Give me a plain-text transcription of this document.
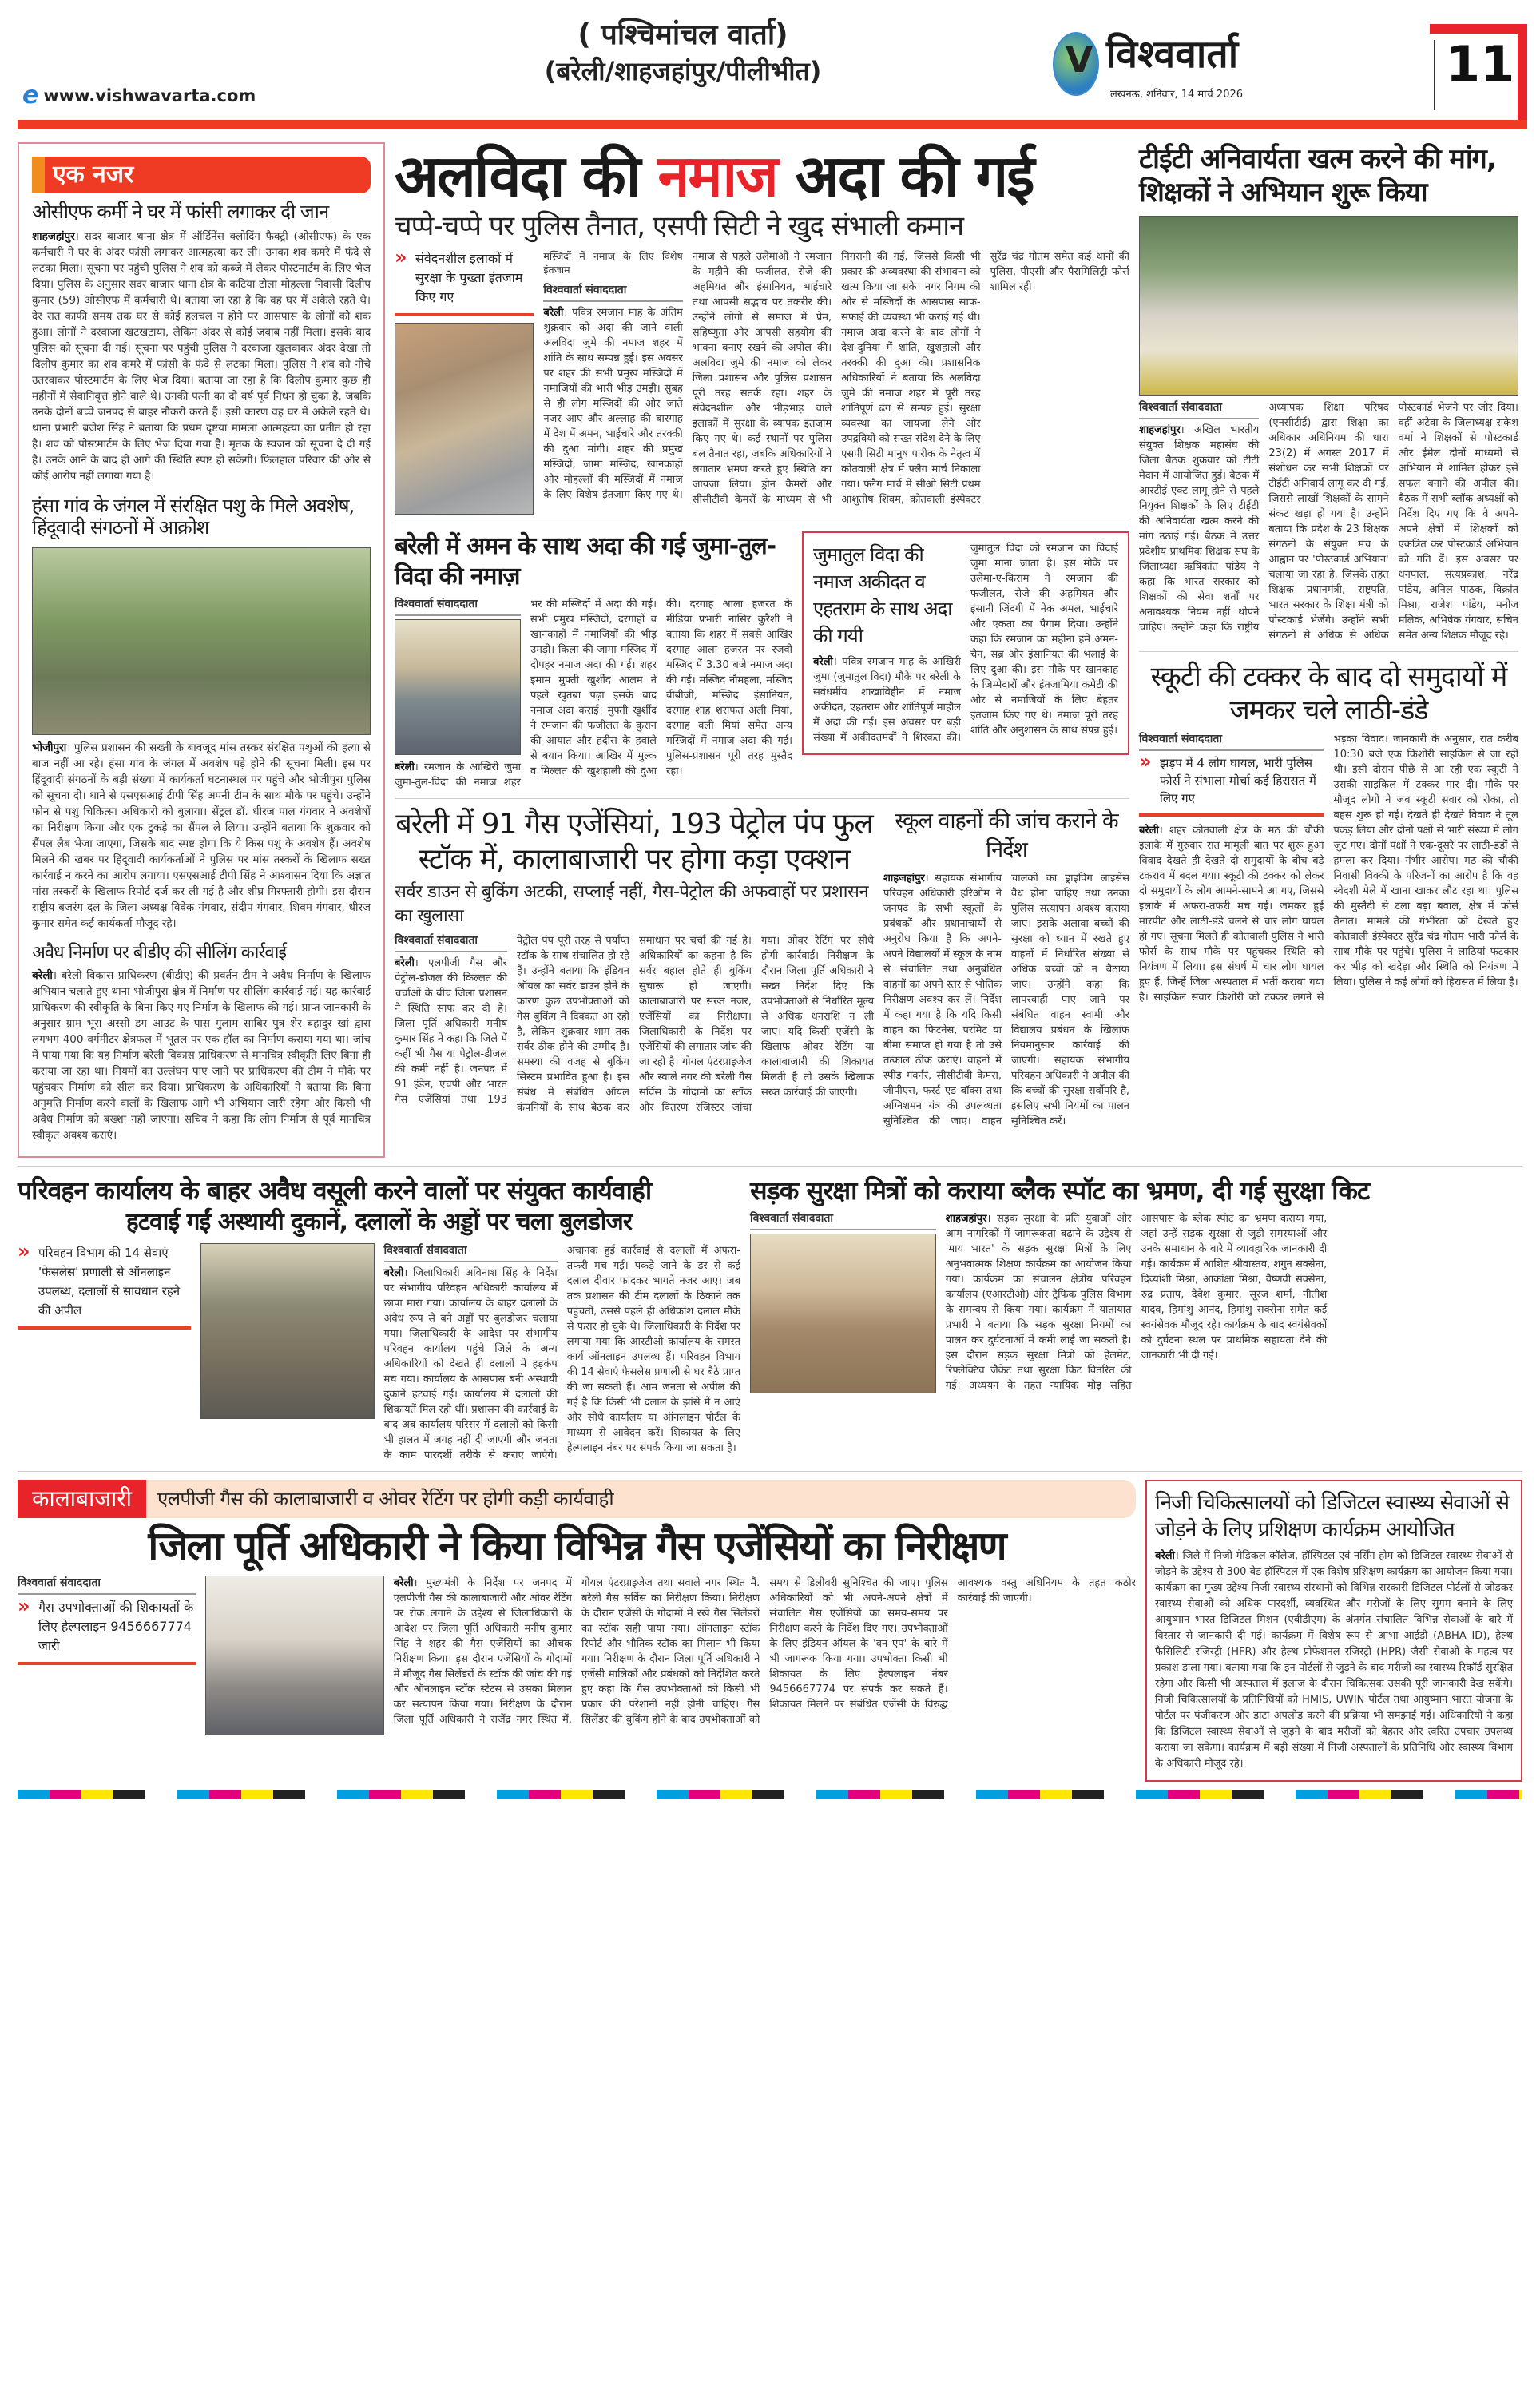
e www.vishwavarta.com
( पश्चिमांचल वार्ता)
(बरेली/शाहजहांपुर/पीलीभीत)	V विश्ववार्ता
लखनऊ, शनिवार, 14 मार्च 2026
11
एक नजर
ओसीएफ कर्मी ने घर में फांसी लगाकर दी जान
शाहजहांपुर। सदर बाजार थाना क्षेत्र में ऑर्डिनेंस क्लोदिंग फैक्ट्री (ओसीएफ) के एक कर्मचारी ने घर के अंदर फांसी लगाकर आत्महत्या कर ली। उनका शव कमरे में फंदे से लटका मिला। सूचना पर पहुंची पुलिस ने शव को कब्जे में लेकर पोस्टमार्टम के लिए भेज दिया। पुलिस के अनुसार सदर बाजार थाना क्षेत्र के कटिया टोला मोहल्ला निवासी दिलीप कुमार (59) ओसीएफ में कर्मचारी थे। बताया जा रहा है कि वह घर में अकेले रहते थे। देर रात काफी समय तक घर से कोई हलचल न होने पर आसपास के लोगों को शक हुआ। लोगों ने दरवाजा खटखटाया, लेकिन अंदर से कोई जवाब नहीं मिला। इसके बाद पुलिस को सूचना दी गई। सूचना पर पहुंची पुलिस ने दरवाजा खुलवाकर अंदर देखा तो दिलीप कुमार का शव कमरे में फांसी के फंदे से लटका मिला। पुलिस ने शव को नीचे उतरवाकर पोस्टमार्टम के लिए भेज दिया। बताया जा रहा है कि दिलीप कुमार कुछ ही महीनों में सेवानिवृत्त होने वाले थे। उनकी पत्नी का दो वर्ष पूर्व निधन हो चुका है, जबकि उनके दोनों बच्चे जनपद से बाहर नौकरी करते हैं। इसी कारण वह घर में अकेले रहते थे। थाना प्रभारी ब्रजेश सिंह ने बताया कि प्रथम दृष्टया मामला आत्महत्या का प्रतीत हो रहा है। शव को पोस्टमार्टम के लिए भेज दिया गया है। मृतक के स्वजन को सूचना दे दी गई है। उनके आने के बाद ही आगे की स्थिति स्पष्ट हो सकेगी। फिलहाल परिवार की ओर से कोई आरोप नहीं लगाया गया है।
हंसा गांव के जंगल में संरक्षित पशु के मिले अवशेष, हिंदूवादी संगठनों में आक्रोश
भोजीपुरा। पुलिस प्रशासन की सख्ती के बावजूद मांस तस्कर संरक्षित पशुओं की हत्या से बाज नहीं आ रहे। हंसा गांव के जंगल में अवशेष पड़े होने की सूचना मिली। इस पर हिंदूवादी संगठनों के बड़ी संख्या में कार्यकर्ता घटनास्थल पर पहुंचे और भोजीपुरा पुलिस को सूचना दी। थाने से एसएसआई टीपी सिंह अपनी टीम के साथ मौके पर पहुंचे। उन्होंने फोन से पशु चिकित्सा अधिकारी को बुलाया। सेंट्रल डॉ. धीरज पाल गंगवार ने अवशेषों का निरीक्षण किया और एक टुकड़े का सैंपल ले लिया। उन्होंने बताया कि शुक्रवार को सैंपल लैब भेजा जाएगा, जिसके बाद स्पष्ट होगा कि ये किस पशु के अवशेष हैं। अवशेष मिलने की खबर पर हिंदूवादी कार्यकर्ताओं ने पुलिस पर मांस तस्करों के खिलाफ सख्त कार्रवाई न करने का आरोप लगाया। एसएसआई टीपी सिंह ने आश्वासन दिया कि अज्ञात मांस तस्करों के खिलाफ रिपोर्ट दर्ज कर ली गई है और शीघ्र गिरफ्तारी होगी। इस दौरान राष्ट्रीय बजरंग दल के जिला अध्यक्ष विवेक गंगवार, संदीप गंगवार, शिवम गंगवार, धीरज कुमार समेत कई कार्यकर्ता मौजूद रहे।
अवैध निर्माण पर बीडीए की सीलिंग कार्रवाई
बरेली। बरेली विकास प्राधिकरण (बीडीए) की प्रवर्तन टीम ने अवैध निर्माण के खिलाफ अभियान चलाते हुए थाना भोजीपुरा क्षेत्र में निर्माण पर सीलिंग कार्रवाई गई। यह कार्रवाई प्राधिकरण की स्वीकृति के बिना किए गए निर्माण के खिलाफ की गई। प्राप्त जानकारी के अनुसार ग्राम भूरा अस्सी डग आउट के पास गुलाम साबिर पुत्र शेर बहादुर खां द्वारा लगभग 400 वर्गमीटर क्षेत्रफल में भूतल पर एक हॉल का निर्माण कराया गया था। जांच में पाया गया कि यह निर्माण बरेली विकास प्राधिकरण से मानचित्र स्वीकृति लिए बिना ही कराया जा रहा था। नियमों का उल्लंघन पाए जाने पर प्राधिकरण की टीम ने मौके पर पहुंचकर निर्माण को सील कर दिया। प्राधिकरण के अधिकारियों ने बताया कि बिना अनुमति निर्माण करने वालों के खिलाफ आगे भी अभियान जारी रहेगा और किसी भी अवैध निर्माण को बख्शा नहीं जाएगा। सचिव ने कहा कि लोग निर्माण से पूर्व मानचित्र स्वीकृत अवश्य कराएं।
अलविदा की नमाज अदा की गई
चप्पे-चप्पे पर पुलिस तैनात, एसपी सिटी ने खुद संभाली कमान
» संवेदनशील इलाकों में सुरक्षा के पुख्ता इंतजाम किए गए
मस्जिदों में नमाज के लिए विशेष इंतजाम
विश्ववार्ता संवाददाता
बरेली। पवित्र रमजान माह के अंतिम शुक्रवार को अदा की जाने वाली अलविदा जुमे की नमाज शहर में शांति के साथ सम्पन्न हुई। इस अवसर पर शहर की सभी प्रमुख मस्जिदों में नमाजियों की भारी भीड़ उमड़ी। सुबह से ही लोग मस्जिदों की ओर जाते नजर आए और अल्लाह की बारगाह में देश में अमन, भाईचारे और तरक्की की दुआ मांगी। शहर की प्रमुख मस्जिदों, जामा मस्जिद, खानकाहों और मोहल्लों की मस्जिदों में नमाज के लिए विशेष इंतजाम किए गए थे। नमाज से पहले उलेमाओं ने रमजान के महीने की फजीलत, रोजे की अहमियत और इंसानियत, भाईचारे तथा आपसी सद्भाव पर तकरीर की। उन्होंने लोगों से समाज में प्रेम, सहिष्णुता और आपसी सहयोग की भावना बनाए रखने की अपील की। अलविदा जुमे की नमाज को लेकर जिला प्रशासन और पुलिस प्रशासन पूरी तरह सतर्क रहा। शहर के संवेदनशील और भीड़भाड़ वाले इलाकों में सुरक्षा के व्यापक इंतजाम किए गए थे। कई स्थानों पर पुलिस बल तैनात रहा, जबकि अधिकारियों ने लगातार भ्रमण करते हुए स्थिति का जायजा लिया। ड्रोन कैमरों और सीसीटीवी कैमरों के माध्यम से भी निगरानी की गई, जिससे किसी भी प्रकार की अव्यवस्था की संभावना को खत्म किया जा सके। नगर निगम की ओर से मस्जिदों के आसपास साफ-सफाई की व्यवस्था भी कराई गई थी। नमाज अदा करने के बाद लोगों ने देश-दुनिया में शांति, खुशहाली और तरक्की की दुआ की। प्रशासनिक अधिकारियों ने बताया कि अलविदा जुमे की नमाज शहर में पूरी तरह शांतिपूर्ण ढंग से सम्पन्न हुई। सुरक्षा व्यवस्था का जायजा लेने और उपद्रवियों को सख्त संदेश देने के लिए एसपी सिटी मानुष पारीक के नेतृत्व में कोतवाली क्षेत्र में फ्लैग मार्च निकाला गया। फ्लैग मार्च में सीओ सिटी प्रथम आशुतोष शिवम, कोतवाली इंस्पेक्टर सुरेंद्र चंद्र गौतम समेत कई थानों की पुलिस, पीएसी और पैरामिलिट्री फोर्स शामिल रही।
बरेली में अमन के साथ अदा की गई जुमा-तुल-विदा की नमाज़
विश्ववार्ता संवाददाता
बरेली। रमजान के आखिरी जुमा जुमा-तुल-विदा की नमाज शहर भर की मस्जिदों में अदा की गई। सभी प्रमुख मस्जिदों, दरगाहों व खानकाहों में नमाजियों की भीड़ उमड़ी। किला की जामा मस्जिद में दोपहर नमाज अदा की गई। शहर इमाम मुफ्ती खुर्शीद आलम ने पहले खुतबा पढ़ा इसके बाद नमाज अदा कराई। मुफ्ती खुर्शीद ने रमजान की फजीलत के कुरान की आयात और हदीस के हवाले से बयान किया। आखिर में मुल्क व मिल्लत की खुशहाली की दुआ की। दरगाह आला हजरत के मीडिया प्रभारी नासिर कुरैशी ने बताया कि शहर में सबसे आखिर दरगाह आला हजरत पर रजवी मस्जिद में 3.30 बजे नमाज अदा की गई। मस्जिद नौमहला, मस्जिद बीबीजी, मस्जिद इंसानियत, दरगाह शाह शराफत अली मियां, दरगाह वली मियां समेत अन्य मस्जिदों में नमाज अदा की गई। पुलिस-प्रशासन पूरी तरह मुस्तैद रहा।
जुमातुल विदा की नमाज अकीदत व एहतराम के साथ अदा की गयी
बरेली। पवित्र रमजान माह के आखिरी जुमा (जुमातुल विदा) मौके पर बरेली के सर्वधर्मीय शाखाविहीन में नमाज अकीदत, एहतराम और शांतिपूर्ण माहौल में अदा की गई। इस अवसर पर बड़ी संख्या में अकीदतमंदों ने शिरकत की। जुमातुल विदा को रमजान का विदाई जुमा माना जाता है। इस मौके पर उलेमा-ए-किराम ने रमजान की फजीलत, रोजे की अहमियत और इंसानी जिंदगी में नेक अमल, भाईचारे और एकता का पैगाम दिया। उन्होंने कहा कि रमजान का महीना हमें अमन-चैन, सब्र और इंसानियत की भलाई के लिए दुआ की। इस मौके पर खानकाह के जिम्मेदारों और इंतजामिया कमेटी की ओर से नमाजियों के लिए बेहतर इंतजाम किए गए थे। नमाज पूरी तरह शांति और अनुशासन के साथ संपन्न हुई।
बरेली में 91 गैस एजेंसियां, 193 पेट्रोल पंप फुल स्टॉक में, कालाबाजारी पर होगा कड़ा एक्शन
सर्वर डाउन से बुकिंग अटकी, सप्लाई नहीं, गैस-पेट्रोल की अफवाहों पर प्रशासन का खुलासा
विश्ववार्ता संवाददाता
बरेली। एलपीजी गैस और पेट्रोल-डीजल की किल्लत की चर्चाओं के बीच जिला प्रशासन ने स्थिति साफ कर दी है। जिला पूर्ति अधिकारी मनीष कुमार सिंह ने कहा कि जिले में कहीं भी गैस या पेट्रोल-डीजल की कमी नहीं है। जनपद में 91 इंडेन, एचपी और भारत गैस एजेंसियां तथा 193 पेट्रोल पंप पूरी तरह से पर्याप्त स्टॉक के साथ संचालित हो रहे हैं। उन्होंने बताया कि इंडियन ऑयल का सर्वर डाउन होने के कारण कुछ उपभोक्ताओं को गैस बुकिंग में दिक्कत आ रही है, लेकिन शुक्रवार शाम तक सर्वर ठीक होने की उम्मीद है। समस्या की वजह से बुकिंग सिस्टम प्रभावित हुआ है। इस संबंध में संबंधित ऑयल कंपनियों के साथ बैठक कर समाधान पर चर्चा की गई है। अधिकारियों का कहना है कि सर्वर बहाल होते ही बुकिंग सुचारू हो जाएगी। कालाबाजारी पर सख्त नजर, एजेंसियों का निरीक्षण। जिलाधिकारी के निर्देश पर एजेंसियों की लगातार जांच की जा रही है। गोयल एंटरप्राइजेज और स्वाले नगर की बरेली गैस सर्विस के गोदामों का स्टॉक और वितरण रजिस्टर जांचा गया। ओवर रेटिंग पर सीधे होगी कार्रवाई। निरीक्षण के दौरान जिला पूर्ति अधिकारी ने सख्त निर्देश दिए कि उपभोक्ताओं से निर्धारित मूल्य से अधिक धनराशि न ली जाए। यदि किसी एजेंसी के खिलाफ ओवर रेटिंग या कालाबाजारी की शिकायत मिलती है तो उसके खिलाफ सख्त कार्रवाई की जाएगी।
स्कूल वाहनों की जांच कराने के निर्देश
शाहजहांपुर। सहायक संभागीय परिवहन अधिकारी हरिओम ने जनपद के सभी स्कूलों के प्रबंधकों और प्रधानाचार्यों से अनुरोध किया है कि अपने-अपने विद्यालयों में स्कूल के नाम से संचालित तथा अनुबंधित वाहनों का अपने स्तर से भौतिक निरीक्षण अवश्य कर लें। निर्देश में कहा गया है कि यदि किसी वाहन का फिटनेस, परमिट या बीमा समाप्त हो गया है तो उसे तत्काल ठीक कराएं। वाहनों में स्पीड गवर्नर, सीसीटीवी कैमरा, जीपीएस, फर्स्ट एड बॉक्स तथा अग्निशमन यंत्र की उपलब्धता सुनिश्चित की जाए। वाहन चालकों का ड्राइविंग लाइसेंस वैध होना चाहिए तथा उनका पुलिस सत्यापन अवश्य कराया जाए। इसके अलावा बच्चों की सुरक्षा को ध्यान में रखते हुए वाहनों में निर्धारित संख्या से अधिक बच्चों को न बैठाया जाए। उन्होंने कहा कि लापरवाही पाए जाने पर संबंधित वाहन स्वामी और विद्यालय प्रबंधन के खिलाफ नियमानुसार कार्रवाई की जाएगी। सहायक संभागीय परिवहन अधिकारी ने अपील की कि बच्चों की सुरक्षा सर्वोपरि है, इसलिए सभी नियमों का पालन सुनिश्चित करें।
टीईटी अनिवार्यता खत्म करने की मांग, शिक्षकों ने अभियान शुरू किया
विश्ववार्ता संवाददाता
शाहजहांपुर। अखिल भारतीय संयुक्त शिक्षक महासंघ की जिला बैठक शुक्रवार को टीटी मैदान में आयोजित हुई। बैठक में आरटीई एक्ट लागू होने से पहले नियुक्त शिक्षकों के लिए टीईटी की अनिवार्यता खत्म करने की मांग उठाई गई। बैठक में उत्तर प्रदेशीय प्राथमिक शिक्षक संघ के जिलाध्यक्ष ऋषिकांत पांडेय ने कहा कि भारत सरकार को शिक्षकों की सेवा शर्तों पर अनावश्यक नियम नहीं थोपने चाहिए। उन्होंने कहा कि राष्ट्रीय अध्यापक शिक्षा परिषद (एनसीटीई) द्वारा शिक्षा का अधिकार अधिनियम की धारा 23(2) में अगस्त 2017 में संशोधन कर सभी शिक्षकों पर टीईटी अनिवार्य लागू कर दी गई, जिससे लाखों शिक्षकों के सामने संकट खड़ा हो गया है। उन्होंने बताया कि प्रदेश के 23 शिक्षक संगठनों के संयुक्त मंच के आह्वान पर 'पोस्टकार्ड अभियान' चलाया जा रहा है, जिसके तहत शिक्षक प्रधानमंत्री, राष्ट्रपति, भारत सरकार के शिक्षा मंत्री को पोस्टकार्ड भेजेंगे। उन्होंने सभी संगठनों से अधिक से अधिक पोस्टकार्ड भेजने पर जोर दिया। वहीं अटेवा के जिलाध्यक्ष राकेश वर्मा ने शिक्षकों से पोस्टकार्ड और ईमेल दोनों माध्यमों से अभियान में शामिल होकर इसे सफल बनाने की अपील की। बैठक में सभी ब्लॉक अध्यक्षों को निर्देश दिए गए कि वे अपने-अपने क्षेत्रों में शिक्षकों को एकत्रित कर पोस्टकार्ड अभियान को गति दें। इस अवसर पर धनपाल, सत्यप्रकाश, नरेंद्र पांडेय, अनिल पाठक, विक्रांत मिश्रा, राजेश पांडेय, मनोज मलिक, अभिषेक गंगवार, सचिन समेत अन्य शिक्षक मौजूद रहे।
स्कूटी की टक्कर के बाद दो समुदायों में जमकर चले लाठी-डंडे
विश्ववार्ता संवाददाता
» झड़प में 4 लोग घायल, भारी पुलिस फोर्स ने संभाला मोर्चा कई हिरासत में लिए गए
बरेली। शहर कोतवाली क्षेत्र के मठ की चौकी इलाके में गुरुवार रात मामूली बात पर शुरू हुआ विवाद देखते ही देखते दो समुदायों के बीच बड़े टकराव में बदल गया। स्कूटी की टक्कर को लेकर दो समुदायों के लोग आमने-सामने आ गए, जिससे इलाके में अफरा-तफरी मच गई। जमकर हुई मारपीट और लाठी-डंडे चलने से चार लोग घायल हो गए। सूचना मिलते ही कोतवाली पुलिस ने भारी फोर्स के साथ मौके पर पहुंचकर स्थिति को नियंत्रण में लिया। इस संघर्ष में चार लोग घायल हुए हैं, जिन्हें जिला अस्पताल में भर्ती कराया गया है। साइकिल सवार किशोरी को टक्कर लगने से भड़का विवाद। जानकारी के अनुसार, रात करीब 10:30 बजे एक किशोरी साइकिल से जा रही थी। इसी दौरान पीछे से आ रही एक स्कूटी ने उसकी साइकिल में टक्कर मार दी। मौके पर मौजूद लोगों ने जब स्कूटी सवार को रोका, तो बहस शुरू हो गई। देखते ही देखते विवाद ने तूल पकड़ लिया और दोनों पक्षों से भारी संख्या में लोग जुट गए। दोनों पक्षों ने एक-दूसरे पर लाठी-डंडों से हमला कर दिया। गंभीर आरोप। मठ की चौकी निवासी विक्की के परिजनों का आरोप है कि वह स्वेदशी मेले में खाना खाकर लौट रहा था। पुलिस की मुस्तैदी से टला बड़ा बवाल, क्षेत्र में फोर्स तैनात। मामले की गंभीरता को देखते हुए कोतवाली इंस्पेक्टर सुरेंद्र चंद्र गौतम भारी फोर्स के साथ मौके पर पहुंचे। पुलिस ने लाठियां फटकार कर भीड़ को खदेड़ा और स्थिति को नियंत्रण में लिया। पुलिस ने कई लोगों को हिरासत में लिया है।
परिवहन कार्यालय के बाहर अवैध वसूली करने वालों पर संयुक्त कार्यवाही
हटवाई गईं अस्थायी दुकानें, दलालों के अड्डों पर चला बुलडोजर
» परिवहन विभाग की 14 सेवाएं 'फेसलेस' प्रणाली से ऑनलाइन उपलब्ध, दलालों से सावधान रहने की अपील
विश्ववार्ता संवाददाता
बरेली। जिलाधिकारी अविनाश सिंह के निर्देश पर संभागीय परिवहन अधिकारी कार्यालय में छापा मारा गया। कार्यालय के बाहर दलालों के अवैध रूप से बने अड्डों पर बुलडोजर चलाया गया। जिलाधिकारी के आदेश पर संभागीय परिवहन कार्यालय पहुंचे जिले के अन्य अधिकारियों को देखते ही दलालों में हड़कंप मच गया। कार्यालय के आसपास बनी अस्थायी दुकानें हटवाई गईं। कार्यालय में दलालों की शिकायतें मिल रही थीं। प्रशासन की कार्रवाई के बाद अब कार्यालय परिसर में दलालों को किसी भी हालत में जगह नहीं दी जाएगी और जनता के काम पारदर्शी तरीके से कराए जाएंगे। अचानक हुई कार्रवाई से दलालों में अफरा-तफरी मच गई। पकड़े जाने के डर से कई दलाल दीवार फांदकर भागते नजर आए। जब तक प्रशासन की टीम दलालों के ठिकाने तक पहुंचती, उससे पहले ही अधिकांश दलाल मौके से फरार हो चुके थे। जिलाधिकारी के निर्देश पर लगाया गया कि आरटीओ कार्यालय के समस्त कार्य ऑनलाइन उपलब्ध हैं। परिवहन विभाग की 14 सेवाएं फेसलेस प्रणाली से घर बैठे प्राप्त की जा सकती हैं। आम जनता से अपील की गई है कि किसी भी दलाल के झांसे में न आएं और सीधे कार्यालय या ऑनलाइन पोर्टल के माध्यम से आवेदन करें। शिकायत के लिए हेल्पलाइन नंबर पर संपर्क किया जा सकता है।
सड़क सुरक्षा मित्रों को कराया ब्लैक स्पॉट का भ्रमण, दी गई सुरक्षा किट
विश्ववार्ता संवाददाता	शाहजहांपुर। सड़क सुरक्षा के प्रति युवाओं और आम नागरिकों में जागरूकता बढ़ाने के उद्देश्य से 'माय भारत' के सड़क सुरक्षा मित्रों के लिए अनुभवात्मक शिक्षण कार्यक्रम का आयोजन किया गया। कार्यक्रम का संचालन क्षेत्रीय परिवहन कार्यालय (एआरटीओ) और ट्रैफिक पुलिस विभाग के समन्वय से किया गया। कार्यक्रम में यातायात प्रभारी ने बताया कि सड़क सुरक्षा नियमों का पालन कर दुर्घटनाओं में कमी लाई जा सकती है। इस दौरान सड़क सुरक्षा मित्रों को हेलमेट, रिफ्लेक्टिव जैकेट तथा सुरक्षा किट वितरित की गई। अध्ययन के तहत न्यायिक मोड़ सहित आसपास के ब्लैक स्पॉट का भ्रमण कराया गया, जहां उन्हें सड़क सुरक्षा से जुड़ी समस्याओं और उनके समाधान के बारे में व्यावहारिक जानकारी दी गई। कार्यक्रम में आशित श्रीवास्तव, शगुन सक्सेना, दिव्यांशी मिश्रा, आकांक्षा मिश्रा, वैष्णवी सक्सेना, रुद्र प्रताप, देवेश कुमार, सूरज शर्मा, नीतीश यादव, हिमांशु आनंद, हिमांशु सक्सेना समेत कई स्वयंसेवक मौजूद रहे। कार्यक्रम के बाद स्वयंसेवकों को दुर्घटना स्थल पर प्राथमिक सहायता देने की जानकारी भी दी गई।
कालाबाजारी	एलपीजी गैस की कालाबाजारी व ओवर रेटिंग पर होगी कड़ी कार्यवाही
जिला पूर्ति अधिकारी ने किया विभिन्न गैस एजेंसियों का निरीक्षण
विश्ववार्ता संवाददाता
» गैस उपभोक्ताओं की शिकायतों के लिए हेल्पलाइन 9456667774 जारी
बरेली। मुख्यमंत्री के निर्देश पर जनपद में एलपीजी गैस की कालाबाजारी और ओवर रेटिंग पर रोक लगाने के उद्देश्य से जिलाधिकारी के आदेश पर जिला पूर्ति अधिकारी मनीष कुमार सिंह ने शहर की गैस एजेंसियों का औचक निरीक्षण किया। इस दौरान एजेंसियों के गोदामों में मौजूद गैस सिलेंडरों के स्टॉक की जांच की गई और ऑनलाइन स्टॉक स्टेटस से उसका मिलान कर सत्यापन किया गया। निरीक्षण के दौरान जिला पूर्ति अधिकारी ने राजेंद्र नगर स्थित मैं. गोयल एंटरप्राइजेज तथा सवाले नगर स्थित मैं. बरेली गैस सर्विस का निरीक्षण किया। निरीक्षण के दौरान एजेंसी के गोदामों में रखे गैस सिलेंडरों का स्टॉक सही पाया गया। ऑनलाइन स्टॉक रिपोर्ट और भौतिक स्टॉक का मिलान भी किया गया। निरीक्षण के दौरान जिला पूर्ति अधिकारी ने एजेंसी मालिकों और प्रबंधकों को निर्देशित करते हुए कहा कि गैस उपभोक्ताओं को किसी भी प्रकार की परेशानी नहीं होनी चाहिए। गैस सिलेंडर की बुकिंग होने के बाद उपभोक्ताओं को समय से डिलीवरी सुनिश्चित की जाए। पुलिस अधिकारियों को भी अपने-अपने क्षेत्रों में संचालित गैस एजेंसियों का समय-समय पर निरीक्षण करने के निर्देश दिए गए। उपभोक्ताओं के लिए इंडियन ऑयल के 'वन एप' के बारे में भी जागरूक किया गया। उपभोक्ता किसी भी शिकायत के लिए हेल्पलाइन नंबर 9456667774 पर संपर्क कर सकते हैं। शिकायत मिलने पर संबंधित एजेंसी के विरुद्ध आवश्यक वस्तु अधिनियम के तहत कठोर कार्रवाई की जाएगी।
निजी चिकित्सालयों को डिजिटल स्वास्थ्य सेवाओं से जोड़ने के लिए प्रशिक्षण कार्यक्रम आयोजित
बरेली। जिले में निजी मेडिकल कॉलेज, हॉस्पिटल एवं नर्सिंग होम को डिजिटल स्वास्थ्य सेवाओं से जोड़ने के उद्देश्य से 300 बेड हॉस्पिटल में एक विशेष प्रशिक्षण कार्यक्रम का आयोजन किया गया। कार्यक्रम का मुख्य उद्देश्य निजी स्वास्थ्य संस्थानों को विभिन्न सरकारी डिजिटल पोर्टलों से जोड़कर स्वास्थ्य सेवाओं को अधिक पारदर्शी, व्यवस्थित और मरीजों के लिए सुगम बनाने के लिए आयुष्मान भारत डिजिटल मिशन (एबीडीएम) के अंतर्गत संचालित विभिन्न सेवाओं के बारे में विस्तार से जानकारी दी गई। कार्यक्रम में विशेष रूप से आभा आईडी (ABHA ID), हेल्थ फैसिलिटी रजिस्ट्री (HFR) और हेल्थ प्रोफेशनल रजिस्ट्री (HPR) जैसी सेवाओं के महत्व पर प्रकाश डाला गया। बताया गया कि इन पोर्टलों से जुड़ने के बाद मरीजों का स्वास्थ्य रिकॉर्ड सुरक्षित रहेगा और किसी भी अस्पताल में इलाज के दौरान चिकित्सक उसकी पूरी जानकारी देख सकेंगे। निजी चिकित्सालयों के प्रतिनिधियों को HMIS, UWIN पोर्टल तथा आयुष्मान भारत योजना के पोर्टल पर पंजीकरण और डाटा अपलोड करने की प्रक्रिया भी समझाई गई। अधिकारियों ने कहा कि डिजिटल स्वास्थ्य सेवाओं से जुड़ने के बाद मरीजों को बेहतर और त्वरित उपचार उपलब्ध कराया जा सकेगा। कार्यक्रम में बड़ी संख्या में निजी अस्पतालों के प्रतिनिधि और स्वास्थ्य विभाग के अधिकारी मौजूद रहे।
